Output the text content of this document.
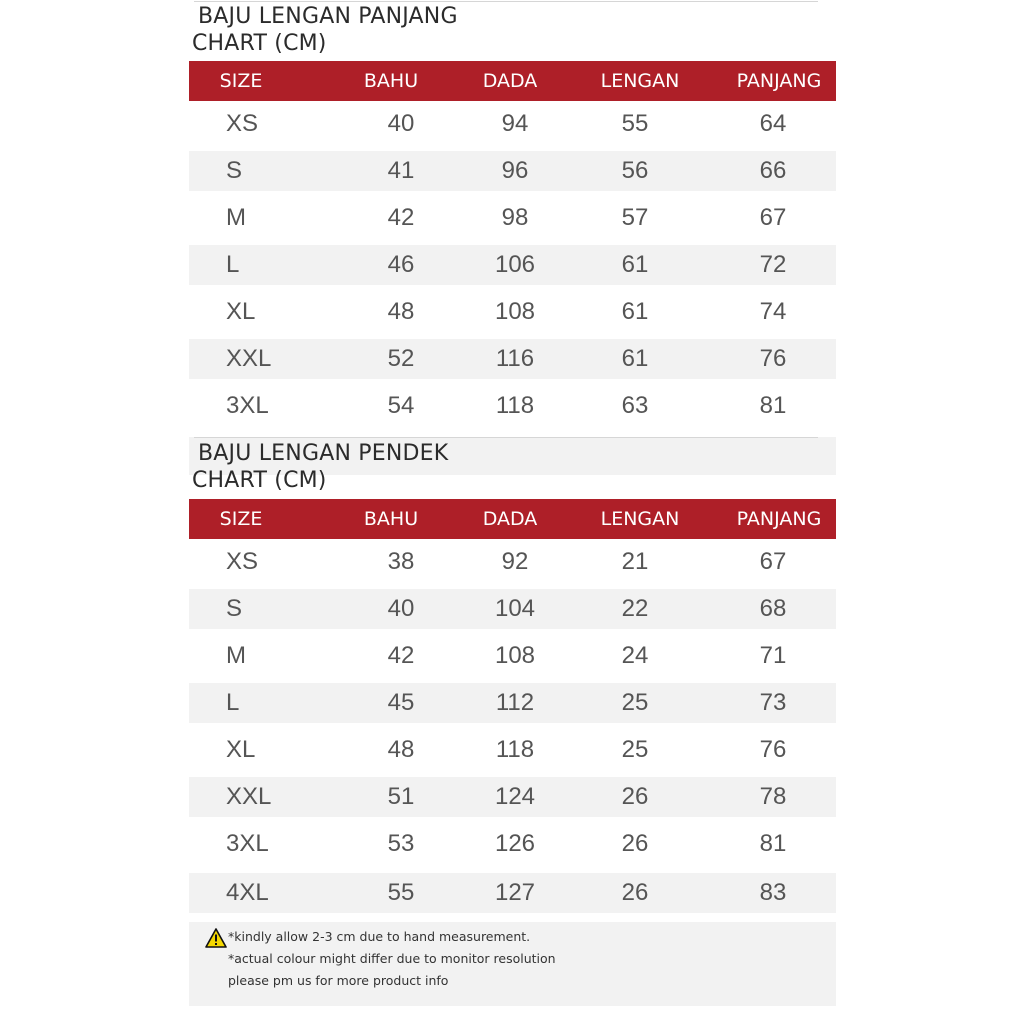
BAJU LENGAN PANJANG
CHART (CM)
SIZE	BAHU	DADA	LENGAN	PANJANG
XS	40	94	55	64
S	41	96	56	66
M	42	98	57	67
L	46	106	61	72
XL	48	108	61	74
XXL	52	116	61	76
3XL	54	118	63	81
BAJU LENGAN PENDEK
CHART (CM)
SIZE	BAHU	DADA	LENGAN	PANJANG
XS	38	92	21	67
S	40	104	22	68
M	42	108	24	71
L	45	112	25	73
XL	48	118	25	76
XXL	51	124	26	78
3XL	53	126	26	81
4XL	55	127	26	83
*kindly allow 2-3 cm due to hand measurement.
*actual colour might differ due to monitor resolution
please pm us for more product info
